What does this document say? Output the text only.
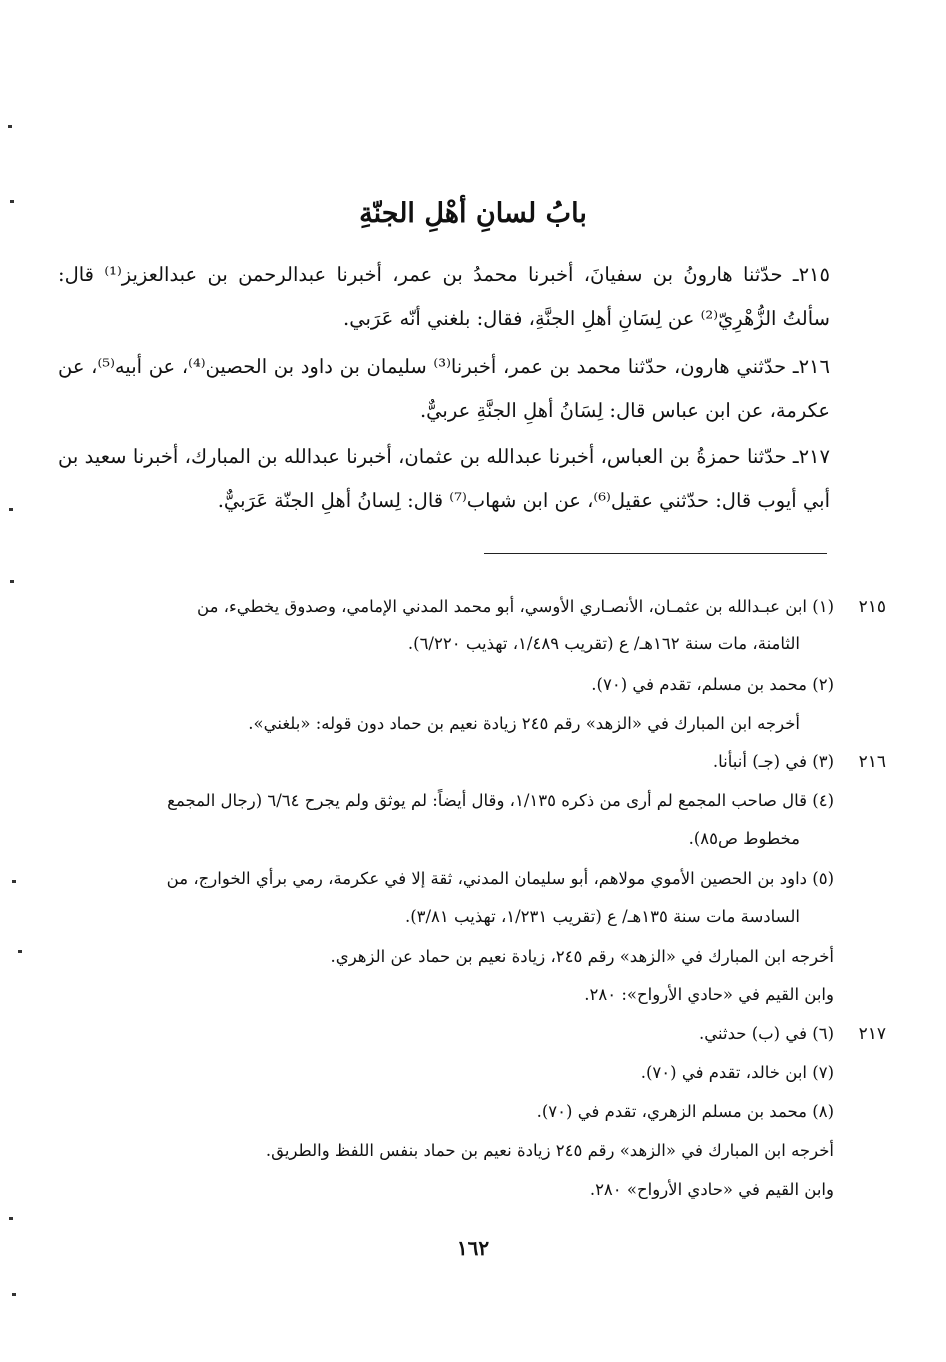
بابُ لسانِ أهْلِ الجنّةِ

٢١٥ـ حدّثنا هارونُ بن سفيانَ، أخبرنا محمدُ بن عمر، أخبرنا عبدالرحمن بن عبدالعزيز⁽¹⁾ قال: سألتُ الزُّهْرِيّ⁽²⁾ عن لِسَانِ أهلِ الجنَّةِ، فقال: بلغني أنّه عَرَبي.

٢١٦ـ حدّثني هارون، حدّثنا محمد بن عمر، أخبرنا⁽³⁾ سليمان بن داود بن الحصين⁽⁴⁾، عن أبيه⁽⁵⁾، عن عكرمة، عن ابن عباس قال: لِسَانُ أهلِ الجنَّةِ عربيٌّ.

٢١٧ـ حدّثنا حمزةُ بن العباس، أخبرنا عبدالله بن عثمان، أخبرنا عبدالله بن المبارك، أخبرنا سعيد بن أبي أيوب قال: حدّثني عقيل⁽⁶⁾، عن ابن شهاب⁽⁷⁾ قال: لِسانُ أهلِ الجنّة عَرَبيٌّ.

٢١٥

(١) ابن عبـدالله بن عثمـان، الأنصـاري الأوسي، أبو محمد المدني الإمامي، وصدوق يخطيء، من

الثامنة، مات سنة ١٦٢هـ/ ع (تقريب ١/٤٨٩، تهذيب ٦/٢٢٠).

(٢) محمد بن مسلم، تقدم في (٧٠).

أخرجه ابن المبارك في «الزهد» رقم ٢٤٥ زيادة نعيم بن حماد دون قوله: «بلغني».

٢١٦

(٣) في (جـ) أنبأنا.

(٤) قال صاحب المجمع لم أرى من ذكره ١/١٣٥، وقال أيضاً: لم يوثق ولم يجرح ٦/٦٤ (رجال المجمع

مخطوط ص٨٥).

(٥) داود بن الحصين الأموي مولاهم، أبو سليمان المدني، ثقة إلا في عكرمة، رمي برأي الخوارج، من

السادسة مات سنة ١٣٥هـ/ ع (تقريب ١/٢٣١، تهذيب ٣/٨١).

أخرجه ابن المبارك في «الزهد» رقم ٢٤٥، زيادة نعيم بن حماد عن الزهري.

وابن القيم في «حادي الأرواح»: ٢٨٠.

٢١٧

(٦) في (ب) حدثني.

(٧) ابن خالد، تقدم في (٧٠).

(٨) محمد بن مسلم الزهري، تقدم في (٧٠).

أخرجه ابن المبارك في «الزهد» رقم ٢٤٥ زيادة نعيم بن حماد بنفس اللفظ والطريق.

وابن القيم في «حادي الأرواح» ٢٨٠.

١٦٢
